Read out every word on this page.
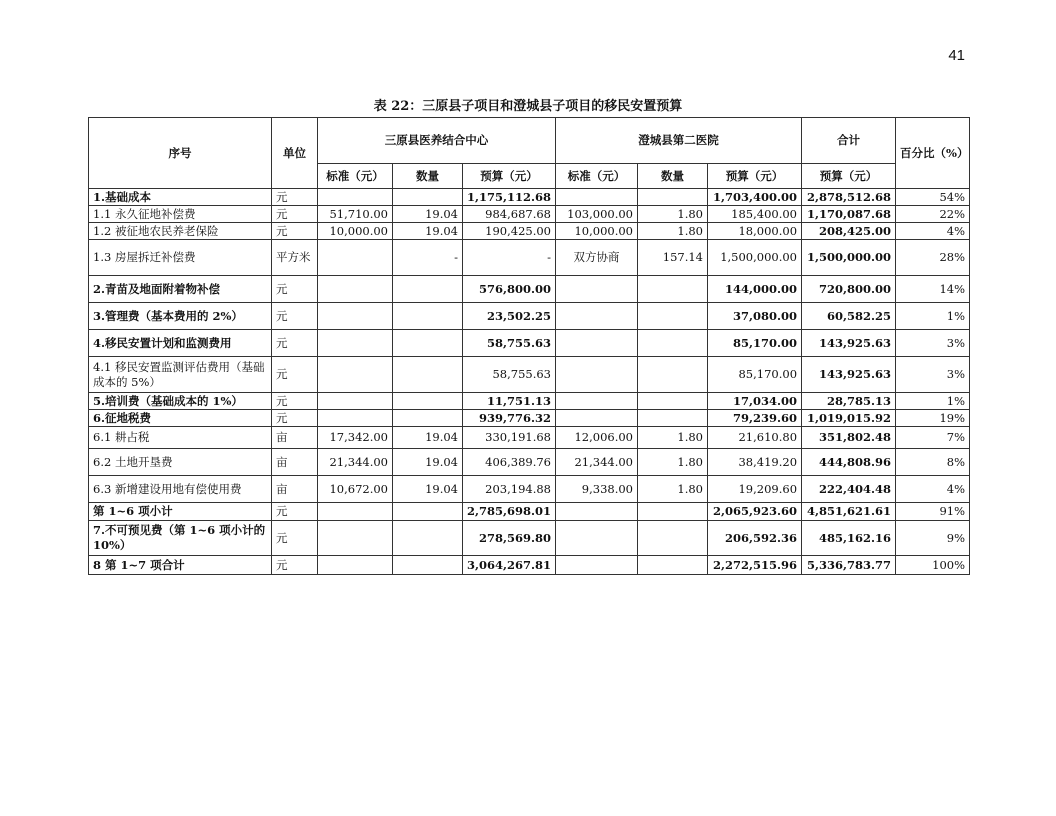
41
表 22：三原县子项目和澄城县子项目的移民安置预算
序号	单位	三原县医养结合中心			澄城县第二医院			合计	百分比（%）
		标准（元）	数量	预算（元）	标准（元）	数量	预算（元）	预算（元）	
1.基础成本	元			1,175,112.68			1,703,400.00	2,878,512.68	54%
1.1 永久征地补偿费	元	51,710.00	19.04	984,687.68	103,000.00	1.80	185,400.00	1,170,087.68	22%
1.2 被征地农民养老保险	元	10,000.00	19.04	190,425.00	10,000.00	1.80	18,000.00	208,425.00	4%
1.3 房屋拆迁补偿费	平方米		-	-	双方协商	157.14	1,500,000.00	1,500,000.00	28%
2.青苗及地面附着物补偿	元			576,800.00			144,000.00	720,800.00	14%
3.管理费（基本费用的 2%）	元			23,502.25			37,080.00	60,582.25	1%
4.移民安置计划和监测费用	元			58,755.63			85,170.00	143,925.63	3%
4.1 移民安置监测评估费用（基础成本的 5%）	元			58,755.63			85,170.00	143,925.63	3%
5.培训费（基础成本的 1%）	元			11,751.13			17,034.00	28,785.13	1%
6.征地税费	元			939,776.32			79,239.60	1,019,015.92	19%
6.1 耕占税	亩	17,342.00	19.04	330,191.68	12,006.00	1.80	21,610.80	351,802.48	7%
6.2 土地开垦费	亩	21,344.00	19.04	406,389.76	21,344.00	1.80	38,419.20	444,808.96	8%
6.3 新增建设用地有偿使用费	亩	10,672.00	19.04	203,194.88	9,338.00	1.80	19,209.60	222,404.48	4%
第 1~6 项小计	元			2,785,698.01			2,065,923.60	4,851,621.61	91%
7.不可预见费（第 1~6 项小计的 10%）	元			278,569.80			206,592.36	485,162.16	9%
8 第 1~7 项合计	元			3,064,267.81			2,272,515.96	5,336,783.77	100%
